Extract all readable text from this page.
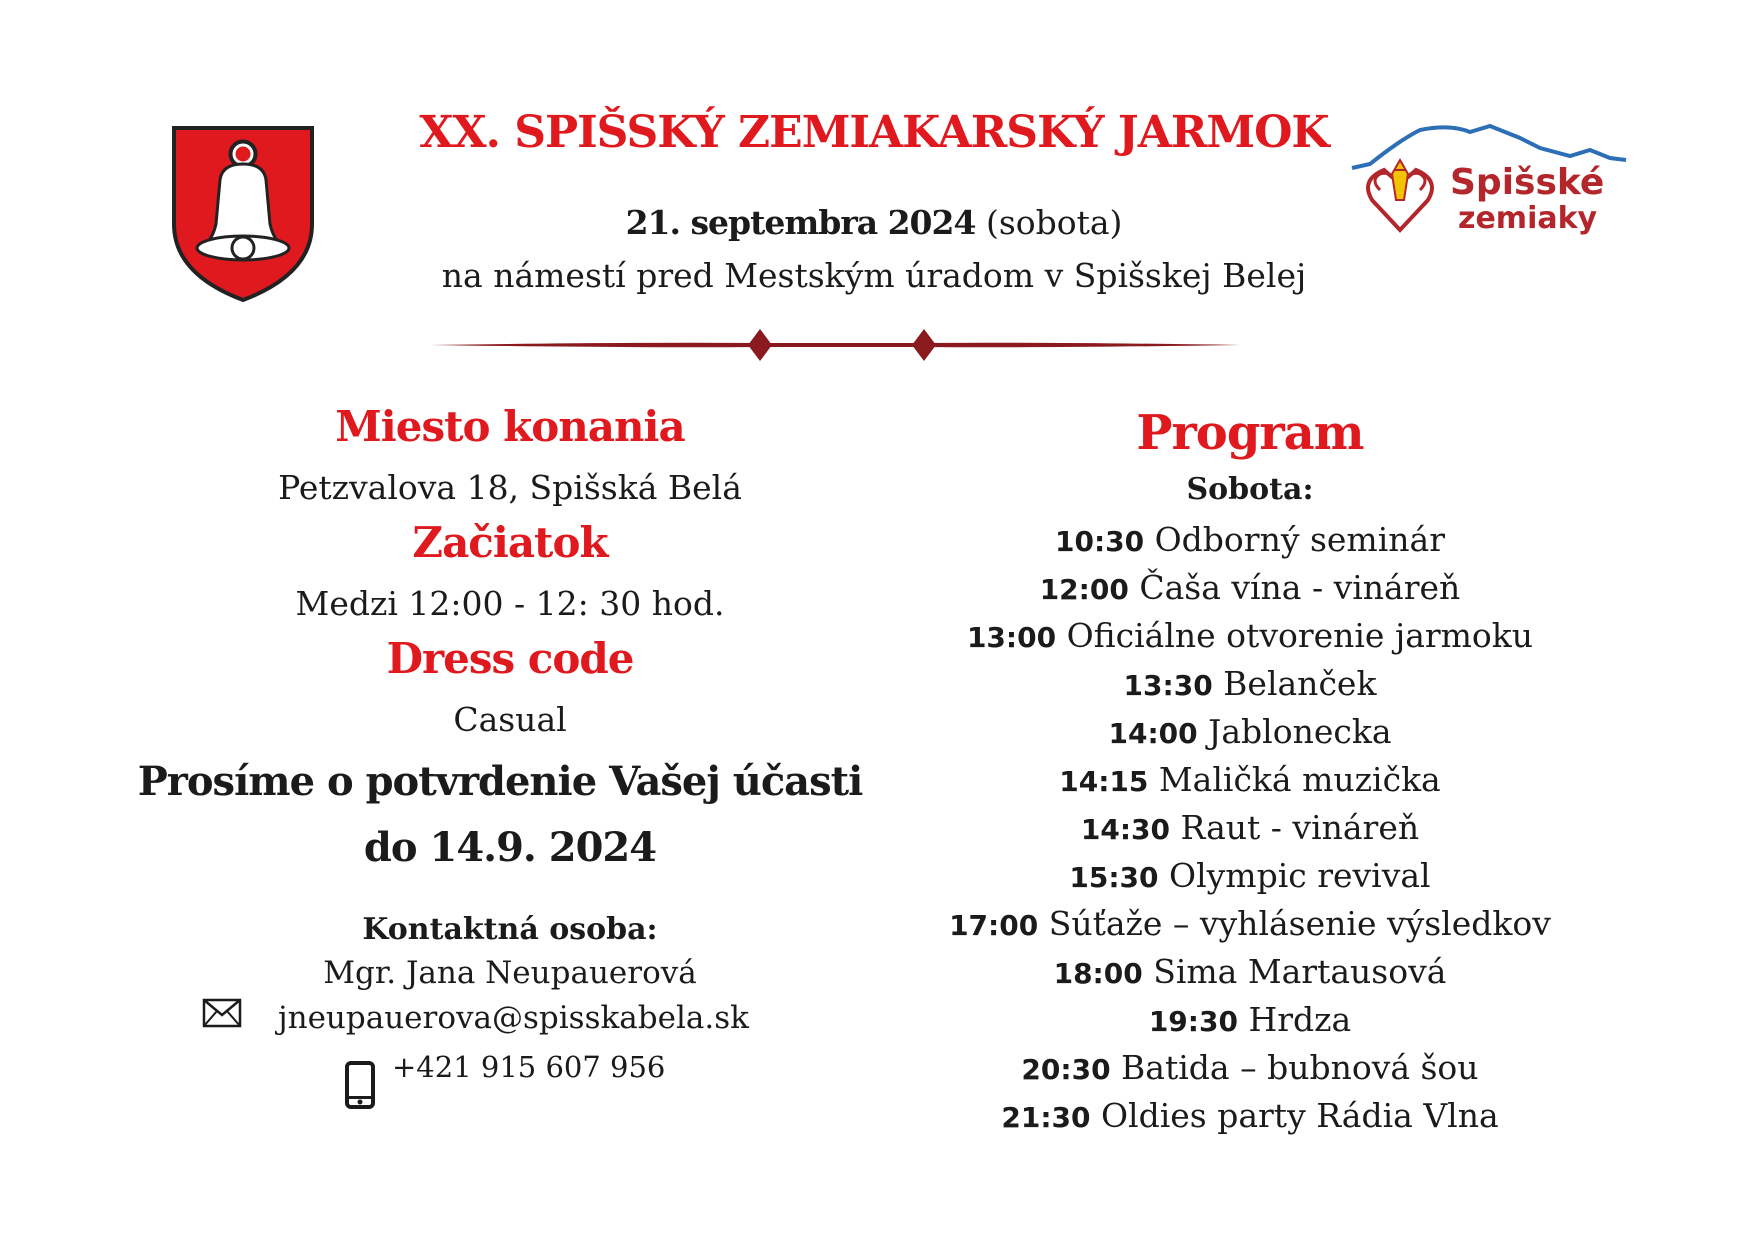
XX. SPIŠSKÝ ZEMIAKARSKÝ JARMOK
21. septembra 2024 (sobota)
na námestí pred Mestským úradom v Spišskej Belej
Spišské
zemiaky
Miesto konania
Petzvalova 18, Spišská Belá
Začiatok
Medzi 12:00 - 12: 30 hod.
Dress code
Casual
Prosíme o potvrdenie Vašej účasti
do 14.9. 2024
Kontaktná osoba:
Mgr. Jana Neupauerová
jneupauerova@spisskabela.sk
+421 915 607 956
Program
Sobota:
10:30 Odborný seminár
12:00 Čaša vína - vináreň
13:00 Oficiálne otvorenie jarmoku
13:30 Belanček
14:00 Jablonecka
14:15 Maličká muzička
14:30 Raut - vináreň
15:30 Olympic revival
17:00 Súťaže – vyhlásenie výsledkov
18:00 Sima Martausová
19:30 Hrdza
20:30 Batida – bubnová šou
21:30 Oldies party Rádia Vlna
